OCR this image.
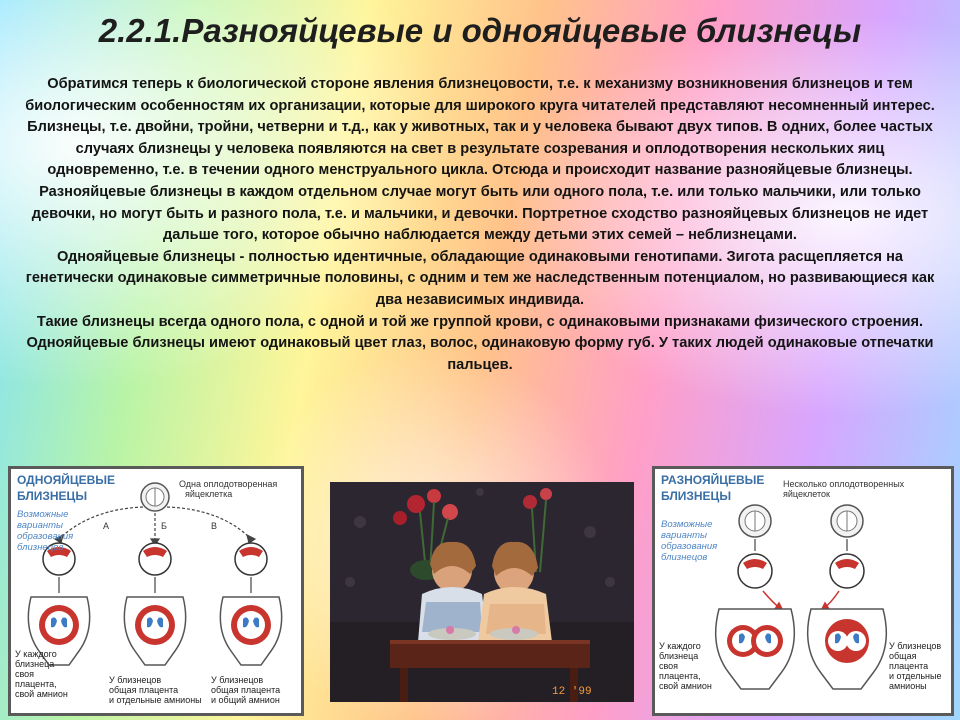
2.2.1.Разнояйцевые и однояйцевые близнецы

Обратимся теперь к биологической стороне явления близнецовости, т.е. к механизму возникновения близнецов и тем биологическим особенностям их организации, которые для широкого круга читателей представляют несомненный интерес.

Близнецы, т.е. двойни, тройни, четверни и т.д., как у животных, так и у человека бывают двух типов. В одних, более частых случаях близнецы у человека появляются на свет в результате созревания и оплодотворения нескольких яиц одновременно, т.е. в течении одного менструального цикла. Отсюда и происходит название разнояйцевые близнецы.

Разнояйцевые близнецы в каждом отдельном случае могут быть или одного пола, т.е. или только мальчики, или только девочки, но могут быть и разного пола, т.е. и мальчики, и девочки. Портретное сходство разнояйцевых близнецов не идет дальше того, которое обычно наблюдается между детьми этих семей – неблизнецами.

Однояйцевые близнецы - полностью идентичные, обладающие одинаковыми генотипами. Зигота расщепляется на генетически одинаковые симметричные половины, с одним и тем же наследственным потенциалом, но развивающиеся как два независимых индивида.

Такие близнецы всегда одного пола, с одной и той же группой крови, с одинаковыми признаками физического строения. Однояйцевые близнецы имеют одинаковый цвет глаз, волос, одинаковую форму губ. У таких людей одинаковые отпечатки пальцев.

ОДНОЯЙЦЕВЫЕ
БЛИЗНЕЦЫ
Возможные
варианты
образования
близнецов
Одна оплодотворенная
яйцеклетка
А	Б	В
У каждого
близнеца
своя
плацента,
свой амнион
У близнецов
общая плацента
и отдельные амнионы
У близнецов
общая плацента
и общий амнион
12 '99
РАЗНОЯЙЦЕВЫЕ
БЛИЗНЕЦЫ
Возможные
варианты
образования
близнецов
Несколько оплодотворенных
яйцеклеток
У каждого
близнеца
своя
плацента,
свой амнион
У близнецов
общая
плацента
и отдельные
амнионы
